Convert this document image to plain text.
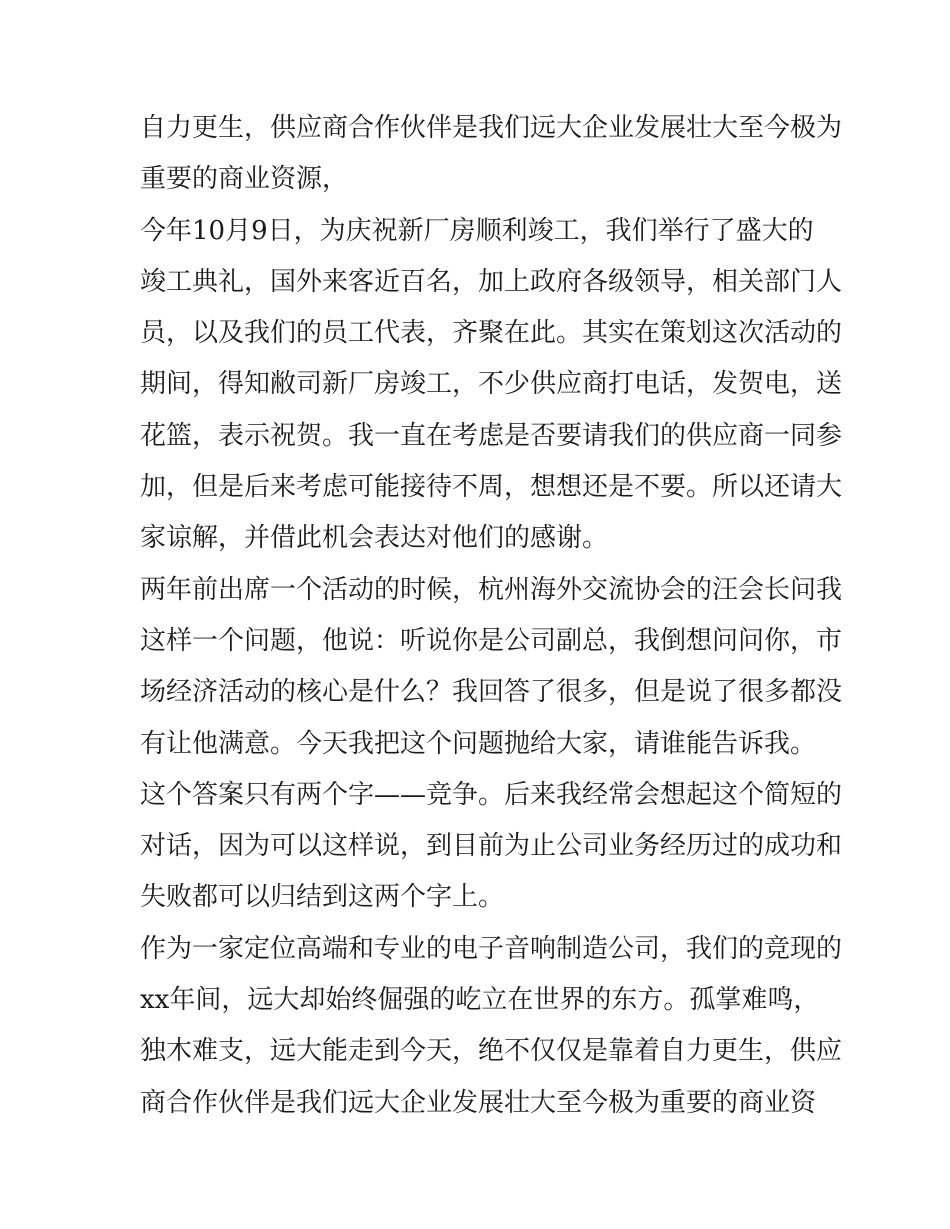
自力更生，供应商合作伙伴是我们远大企业发展壮大至今极为
重要的商业资源，
今年10月9日，为庆祝新厂房顺利竣工，我们举行了盛大的
竣工典礼，国外来客近百名，加上政府各级领导，相关部门人
员，以及我们的员工代表，齐聚在此。其实在策划这次活动的
期间，得知敝司新厂房竣工，不少供应商打电话，发贺电，送
花篮，表示祝贺。我一直在考虑是否要请我们的供应商一同参
加，但是后来考虑可能接待不周，想想还是不要。所以还请大
家谅解，并借此机会表达对他们的感谢。
两年前出席一个活动的时候，杭州海外交流协会的汪会长问我
这样一个问题，他说：听说你是公司副总，我倒想问问你，市
场经济活动的核心是什么？我回答了很多，但是说了很多都没
有让他满意。今天我把这个问题抛给大家，请谁能告诉我。
这个答案只有两个字——竞争。后来我经常会想起这个简短的
对话，因为可以这样说，到目前为止公司业务经历过的成功和
失败都可以归结到这两个字上。
作为一家定位高端和专业的电子音响制造公司，我们的竞现的
xx年间，远大却始终倔强的屹立在世界的东方。孤掌难鸣，
独木难支，远大能走到今天，绝不仅仅是靠着自力更生，供应
商合作伙伴是我们远大企业发展壮大至今极为重要的商业资
